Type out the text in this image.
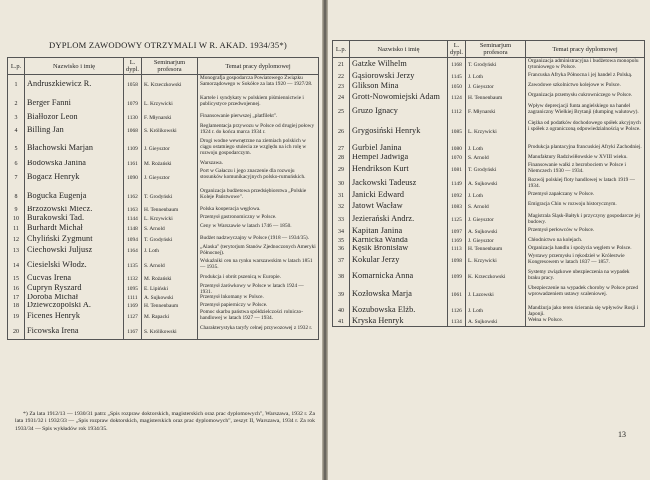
DYPLOM ZAWODOWY OTRZYMALI W R. AKAD. 1934/35*)
L.p.	Nazwisko i imię	L. dypl.	Seminarjum profesora	Temat pracy dyplomowej

1	Andruszkiewicz R.	1058	K. Krzeczkowski	Monografja gospodarcza Powiatowego Związku Samorządowego w Sokółce za lata 1920 — 1927/28.

2	Berger Fanni	1079	L. Krzywicki	Kartele i syndykaty w polskiem piśmiennictwie i publicystyce przedwojennej.

3	Białłozor Leon	1130	F. Młynarski	Finansowanie pierwszej „platfilekt".

4	Billing Jan	1068	S. Królikowski	Reglamentacja przywozu w Polsce od drugiej połowy 1924 r. do końca marca 1934 r.

5	Błachowski Marjan	1109	J. Gieysztor	Drogi wodne wewnętrzne na ziemiach polskich w ciągu ostatniego stulecia ze względu na ich rolę w rozwoju gospodarczym.

6	Bodowska Janina	1161	M. Rożański	Warszawa.

7	Bogacz Henryk	1090	J. Gieysztor	Port w Gałaczu i jego znaczenie dla rozwoju stosunków komunikacyjnych polsko-rumuńskich.

8	Bogucka Eugenja	1162	T. Grodyński	Organizacja budżetowa przedsiębiorstwa „Polskie Koleje Państwowe".

9	Brzozowski Miecz.	1163	H. Tennenbaum	Polska kooperacja węglowa.

10	Burakowski Tad.	1144	L. Krzywicki	Przemysł gastronomiczny w Polsce.

11	Burhardt Michał	1148	S. Arnold	Ceny w Warszawie w latach 1746 — 1850.

12	Chyliński Zygmunt	1094	T. Grodyński	Budżet nadzwyczajny w Polsce (1918 — 1934/35).

13	Ciechowski Juljusz	1164	J. Loth	„Alaska" (terytorjum Stanów Zjednoczonych Ameryki Północnej).

14	Ciesielski Włodz.	1135	S. Arnold	Wskaźniki cen na rynku warszawskim w latach 1851 — 1935.

15	Cucvas Irena	1132	M. Rożański	Produkcja i obrót pszenicą w Europie.

16	Cupryn Ryszard	1095	E. Lipiński	Przemysł żarówkowy w Polsce w latach 1924 — 1931.

17	Doroba Michał	1111	A. Sujkowski	Przemysł lnkomany w Polsce.

18	Dziewczopolski A.	1169	H. Tennenbaum	Przemysł papierniczy w Polsce.

19	Ficenes Henryk	1127	M. Rapacki	Pomoc skarbu państwa spółdzielczości rolniczo-handlowej w latach 1927 — 1934.

20	Ficowska Irena	1167	S. Królikowski	Charakterystyka taryfy celnej przywozowej z 1932 r.
*) Za lata 1912/13 — 1930/31 patrz „Spis rozpraw doktorskich, magisterskich oraz prac dyplomowych", Warszawa, 1932 r. Za lata 1931/32 i 1932/33 — „Spis rozpraw doktorskich, magisterskich oraz prac dyplomowych", zeszyt II, Warszawa, 1934 r. Za rok 1933/34 — Spis wykładów rok 1934/35.
L.p.	Nazwisko i imię	L. dypl.	Seminarjum profesora	Temat pracy dyplomowej

21	Gatzke Wilhelm	1168	T. Grodyński	Organizacja administracyjna i budżetowa monopolu tytoniowego w Polsce.

22	Gąsiorowski Jerzy	1145	J. Loth	Francuska Afryka Północna i jej handel z Polską.

23	Glikson Mina	1050	J. Gieysztor	Zawodowe szkolnictwo kolejowe w Polsce.

24	Grott-Nowomiejski Adam	1124	H. Tennenbaum	Organizacja przemysłu cukrowniczego w Polsce.

25	Gruzo Ignacy	1112	F. Młynarski	Wpływ deprecjacji funta angielskiego na handel zagraniczny Wielkiej Brytanji (dumping walutowy).

26	Grygosiński Henryk	1085	L. Krzywicki	Ciężka od podatków dochodowego spółek akcyjnych i spółek z ograniczoną odpowiedzialnością w Polsce.

27	Gurbiel Janina	1080	J. Loth	Produkcja plantacyjna francuskiej Afryki Zachodniej.

28	Hempel Jadwiga	1070	S. Arnold	Manufaktury Radziwiłłowskie w XVIII wieku.

29	Hendrikson Kurt	1081	T. Grodyński	Finansowanie walki z bezrobociem w Polsce i Niemczech 1930 — 1934.

30	Jackowski Tadeusz	1149	A. Sujkowski	Rozwój polskiej floty handlowej w latach 1919 — 1934.

31	Janicki Edward	1092	J. Loth	Przemysł zapałczany w Polsce.

32	Jatowt Wacław	1083	S. Arnold	Emigracja Chin w rozwoju historycznym.

33	Jezierański Andrz.	1125	J. Gieysztor	Magistrala Śląsk-Bałtyk i przyczyny gospodarcze jej budowy.

34	Kapitan Janina	1097	A. Sujkowski	Przemysł perłowców w Polsce.

35	Karnicka Wanda	1169	J. Gieysztor	Chłodnictwo na kolejach.

36	Kęsik Bronisław	1113	H. Tennenbaum	Organizacja handlu i spożycia węglem w Polsce.

37	Kokular Jerzy	1098	L. Krzywicki	Wystawy przemysłu i rękodzieł w Królestwie Kongresowem w latach 1837 — 1857.

38	Komarnicka Anna	1099	K. Krzeczkowski	Systemy związkowe ubezpieczenia na wypadek braku pracy.

39	Kozłowska Marja	1061	J. Lazowski	Ubezpieczenie na wypadek choroby w Polsce przed wprowadzeniem ustawy scaleniowej.

40	Kozubowska Elżb.	1126	J. Loth	Mandżurja jako teren ścierania się wpływów Rosji i Japonji.

41	Kryska Henryk	1134	A. Sujkowski	Wełna w Polsce.
13
